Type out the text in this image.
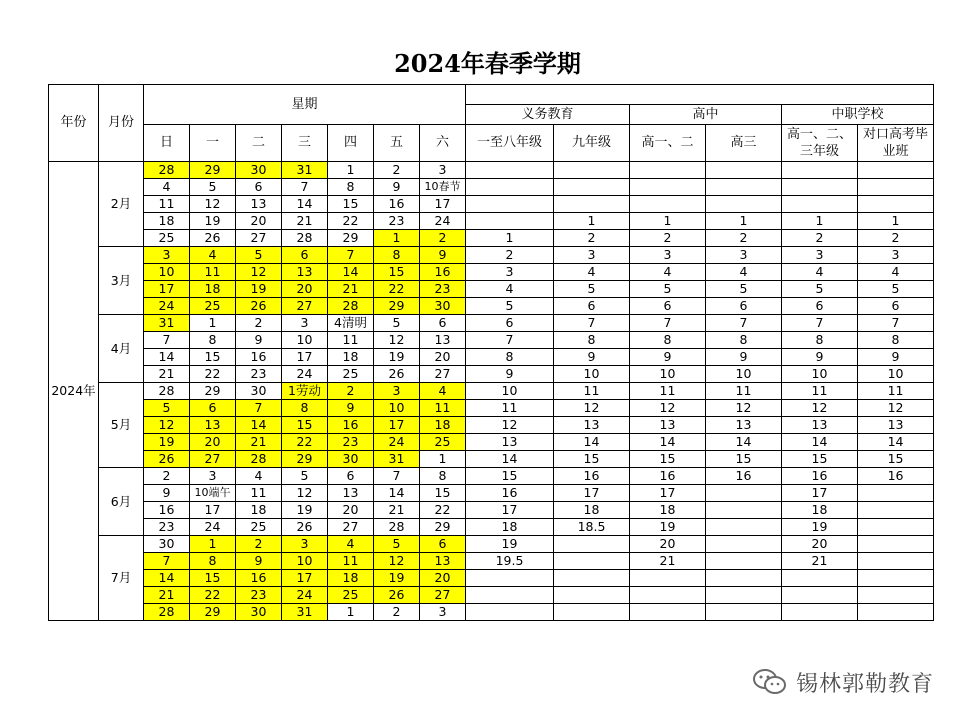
2024年春季学期
年份	月份	星期												
									义务教育		高中		中职学校	
		日	一	二	三	四	五	六	一至八年级	九年级	高一、二	高三	高一、二、三年级	对口高考毕业班
2024年	2月	28	29	30	31	1	2	3						
		4	5	6	7	8	9	10春节						
		11	12	13	14	15	16	17						
		18	19	20	21	22	23	24		1	1	1	1	1
		25	26	27	28	29	1	2	1	2	2	2	2	2
	3月	3	4	5	6	7	8	9	2	3	3	3	3	3
		10	11	12	13	14	15	16	3	4	4	4	4	4
		17	18	19	20	21	22	23	4	5	5	5	5	5
		24	25	26	27	28	29	30	5	6	6	6	6	6
	4月	31	1	2	3	4清明	5	6	6	7	7	7	7	7
		7	8	9	10	11	12	13	7	8	8	8	8	8
		14	15	16	17	18	19	20	8	9	9	9	9	9
		21	22	23	24	25	26	27	9	10	10	10	10	10
	5月	28	29	30	1劳动	2	3	4	10	11	11	11	11	11
		5	6	7	8	9	10	11	11	12	12	12	12	12
		12	13	14	15	16	17	18	12	13	13	13	13	13
		19	20	21	22	23	24	25	13	14	14	14	14	14
		26	27	28	29	30	31	1	14	15	15	15	15	15
	6月	2	3	4	5	6	7	8	15	16	16	16	16	16
		9	10端午	11	12	13	14	15	16	17	17		17	
		16	17	18	19	20	21	22	17	18	18		18	
		23	24	25	26	27	28	29	18	18.5	19		19	
	7月	30	1	2	3	4	5	6	19		20		20	
		7	8	9	10	11	12	13	19.5		21		21	
		14	15	16	17	18	19	20						
		21	22	23	24	25	26	27						
		28	29	30	31	1	2	3						
锡林郭勒教育
